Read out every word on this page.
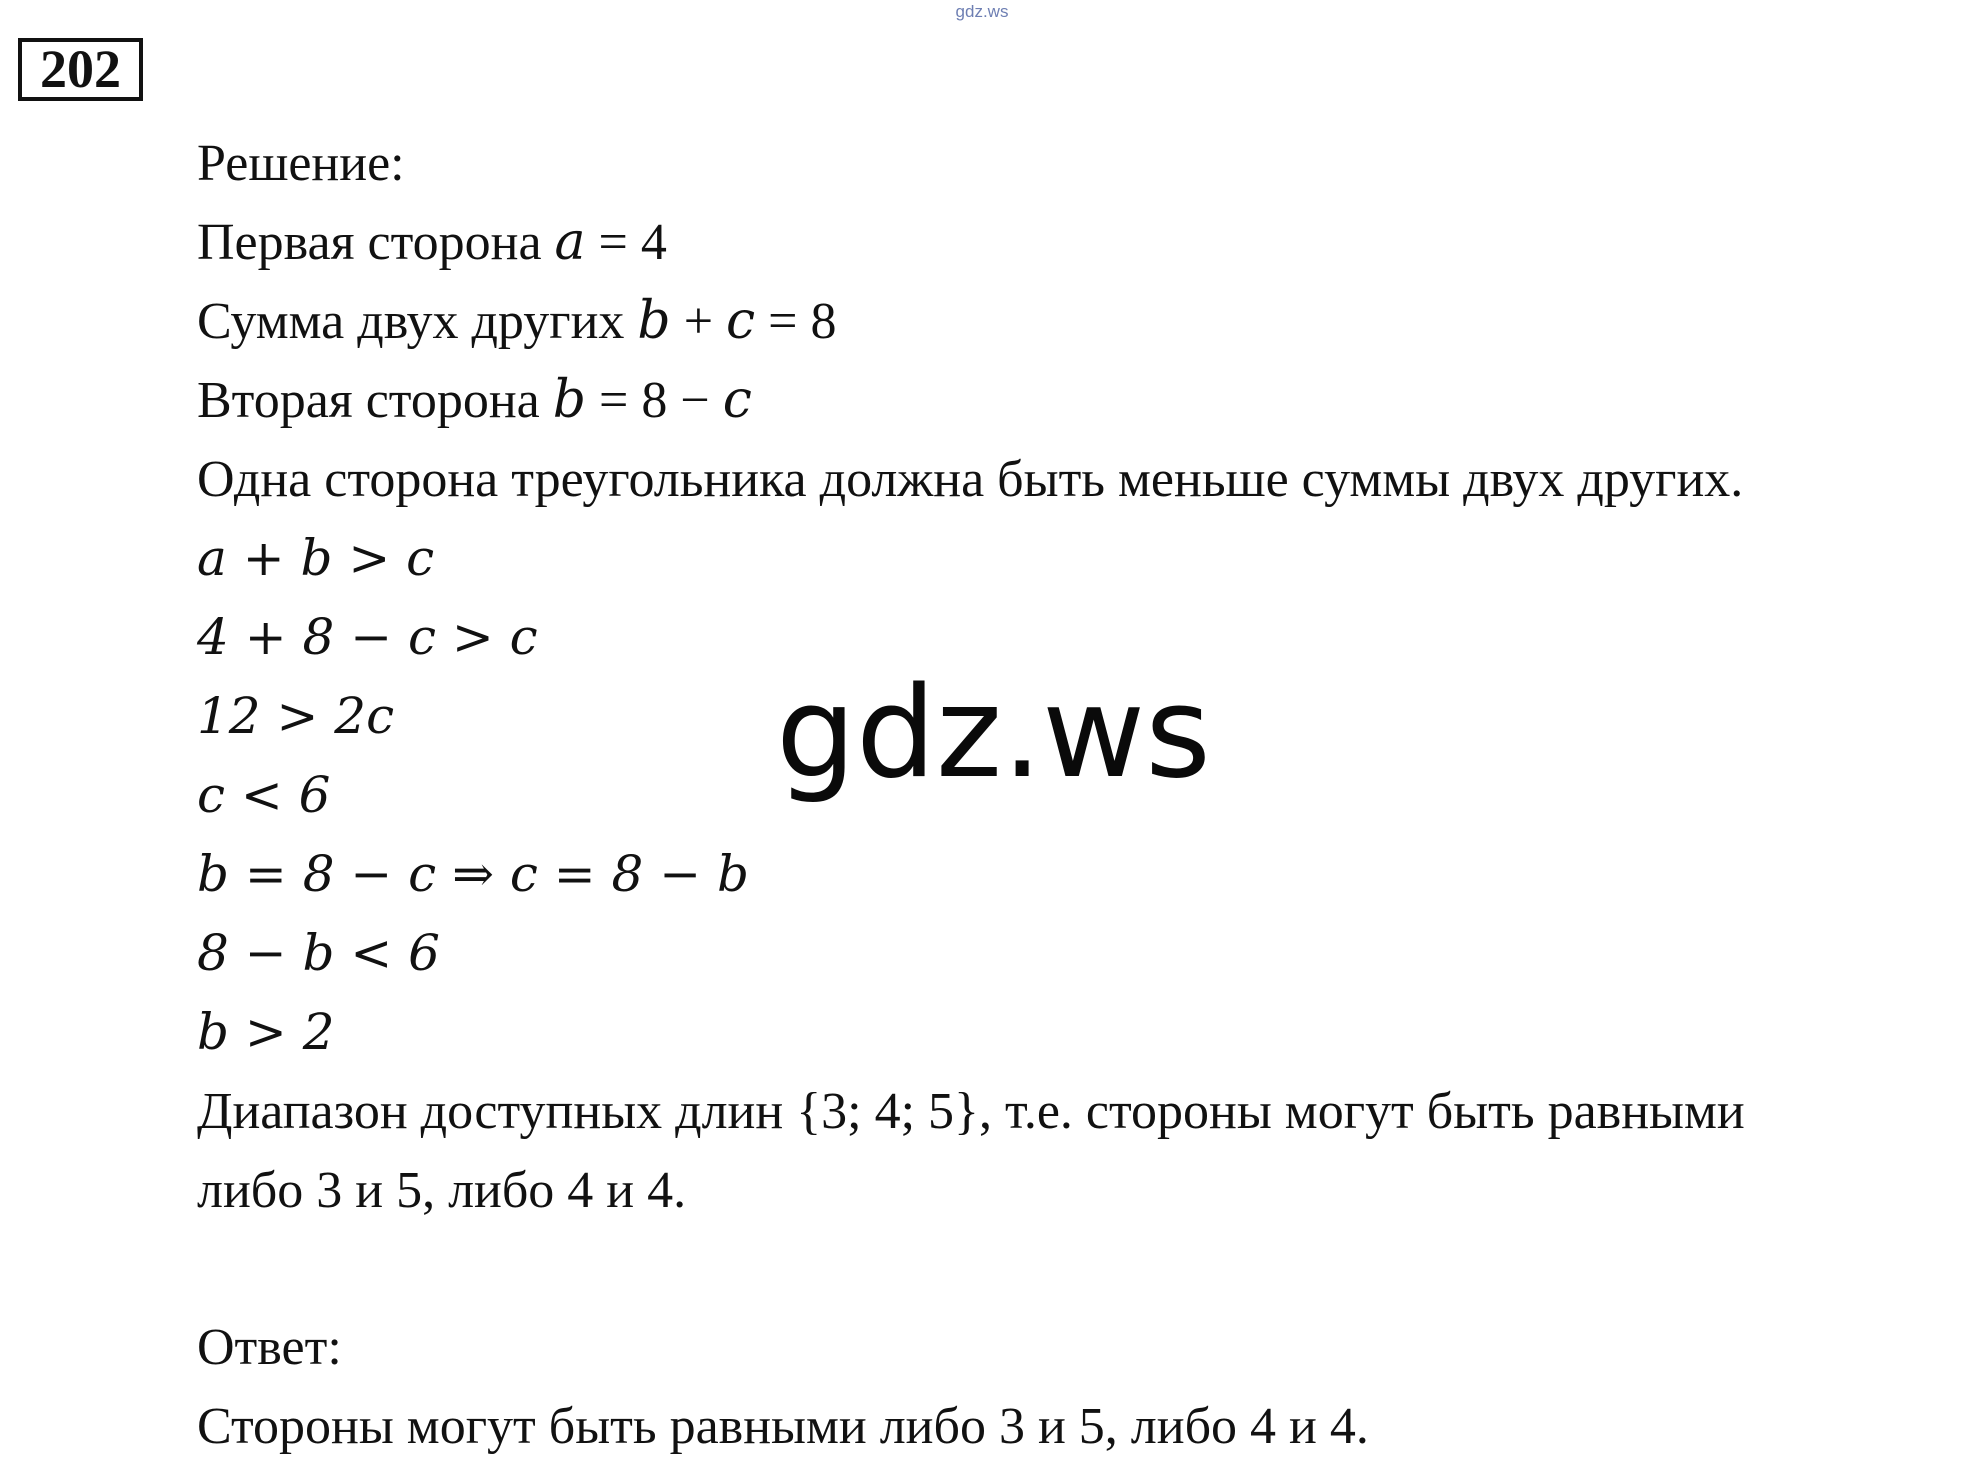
gdz.ws
202
Решение:
Первая сторона 𝑎 = 4
Сумма двух других 𝑏 + 𝑐 = 8
Вторая сторона 𝑏 = 8 − 𝑐
Одна сторона треугольника должна быть меньше суммы двух других.
𝑎 + 𝑏 > 𝑐
4 + 8 − 𝑐 > 𝑐
12 > 2𝑐
𝑐 < 6
𝑏 = 8 − 𝑐 ⇒ 𝑐 = 8 − 𝑏
8 − 𝑏 < 6
𝑏 > 2
Диапазон доступных длин {3; 4; 5}, т.е. стороны могут быть равными
либо 3 и 5, либо 4 и 4.
Ответ:
Стороны могут быть равными либо 3 и 5, либо 4 и 4.
gdz.ws
